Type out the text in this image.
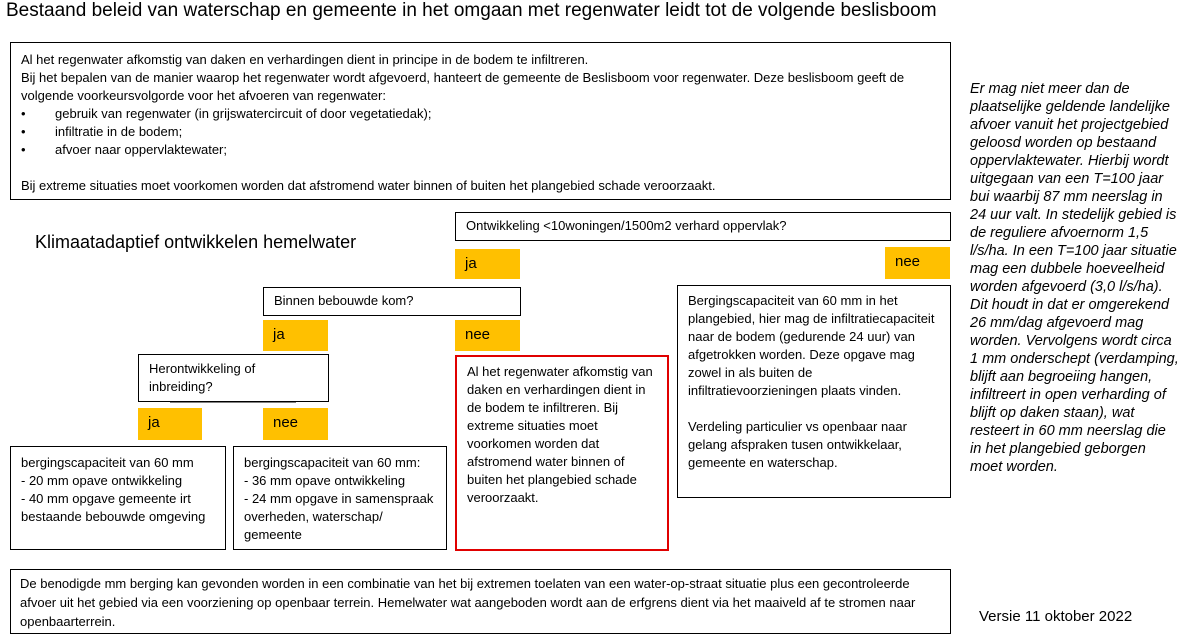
Bestaand beleid van waterschap en gemeente in het omgaan met regenwater leidt tot de volgende beslisboom

Al het regenwater afkomstig van daken en verhardingen dient in principe in de bodem te infiltreren.

Bij het bepalen van de manier waarop het regenwater wordt afgevoerd, hanteert de gemeente de Beslisboom voor regenwater. Deze beslisboom geeft de volgende voorkeursvolgorde voor het afvoeren van regenwater:

•	gebruik van regenwater (in grijswatercircuit of door vegetatiedak);
•	infiltratie in de bodem;
•	afvoer naar oppervlaktewater;

Bij extreme situaties moet voorkomen worden dat afstromend water binnen of buiten het plangebied schade veroorzaakt.

Klimaatadaptief ontwikkelen hemelwater
Ontwikkeling <10woningen/1500m2 verhard oppervlak?
ja	nee
Binnen bebouwde kom?
ja	nee
Herontwikkeling of inbreiding?
ja	nee

Bergingscapaciteit van 60 mm in het plangebied, hier mag de infiltratiecapaciteit naar de bodem (gedurende 24 uur) van afgetrokken worden. Deze opgave mag zowel in als buiten de infiltratievoorzieningen plaats vinden.

Verdeling particulier vs openbaar naar gelang afspraken tusen ontwikkelaar, gemeente en waterschap.

Al het regenwater afkomstig van daken en verhardingen dient in de bodem te infiltreren. Bij extreme situaties moet voorkomen worden dat afstromend water binnen of buiten het plangebied schade veroorzaakt.

bergingscapaciteit van 60 mm

- 20 mm opave ontwikkeling

- 40 mm opgave gemeente irt bestaande bebouwde omgeving

bergingscapaciteit van 60 mm:

- 36 mm opave ontwikkeling

- 24 mm opgave in samenspraak overheden, waterschap/ gemeente

De benodigde mm berging kan gevonden worden in een combinatie van het bij extremen toelaten van een water-op-straat situatie plus een gecontroleerde afvoer uit het gebied via een voorziening op openbaar terrein. Hemelwater wat aangeboden wordt aan de erfgrens dient via het maaiveld af te stromen naar openbaarterrein.

Er mag niet meer dan de plaatselijke geldende landelijke afvoer vanuit het projectgebied geloosd worden op bestaand oppervlaktewater. Hierbij wordt uitgegaan van een T=100 jaar bui waarbij 87 mm neerslag in 24 uur valt. In stedelijk gebied is de reguliere afvoernorm 1,5 l/s/ha. In een T=100 jaar situatie mag een dubbele hoeveelheid worden afgevoerd (3,0 l/s/ha). Dit houdt in dat er omgerekend 26 mm/dag afgevoerd mag worden. Vervolgens wordt circa 1 mm onderschept (verdamping, blijft aan begroeiing hangen, infiltreert in open verharding of blijft op daken staan), wat resteert in 60 mm neerslag die in het plangebied geborgen moet worden.
Versie 11 oktober 2022
